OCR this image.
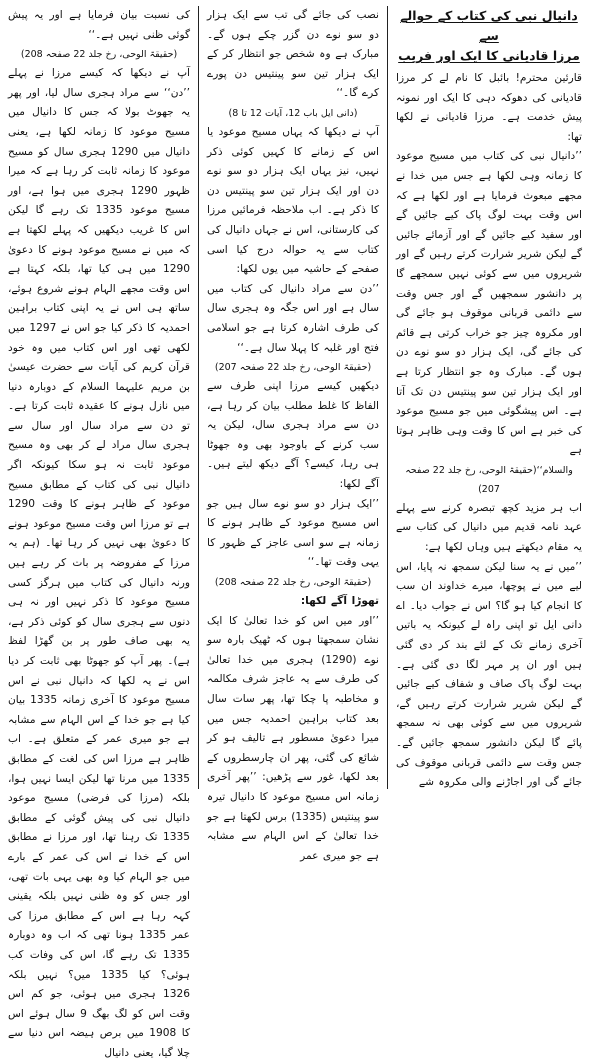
دانیال نبی کی کتاب کے حوالے سے
مرزا قادیانی کا ایک اور فریب

قارئین محترم! بائبل کا نام لے کر مرزا قادیانی کی دھوکہ دہی کا ایک اور نمونہ پیش خدمت ہے۔ مرزا قادیانی نے لکھا تھا:

’’دانیال نبی کی کتاب میں مسیح موعود کا زمانہ وہی لکھا ہے جس میں خدا نے مجھے مبعوث فرمایا ہے اور لکھا ہے کہ اس وقت بہت لوگ پاک کیے جائیں گے اور سفید کیے جائیں گے اور آزمائے جائیں گے لیکن شریر شرارت کرتے رہیں گے اور شریروں میں سے کوئی نہیں سمجھے گا پر دانشور سمجھیں گے اور جس وقت سے دائمی قربانی موقوف ہو جائے گی اور مکروہ چیز جو خراب کرتی ہے قائم کی جائے گی، ایک ہزار دو سو نوے دن ہوں گے۔ مبارک وہ جو انتظار کرتا ہے اور ایک ہزار تین سو پینتیس دن تک آتا ہے۔ اس پیشگوئی میں جو مسیح موعود کی خبر ہے اس کا وقت وہی ظاہر ہوتا ہے

والسلام‘‘(حقیقۃ الوحی، رخ جلد 22 صفحہ 207)

اب ہر مزید کچھ تبصرہ کرنے سے پہلے عہد نامہ قدیم میں دانیال کی کتاب سے یہ مقام دیکھتے ہیں وہاں لکھا ہے:

’’میں نے یہ سنا لیکن سمجھ نہ پایا، اس لیے میں نے پوچھا، میرے خداوند ان سب کا انجام کیا ہو گا؟ اس نے جواب دیا۔ اے دانی ایل تو اپنی راہ لے کیونکہ یہ باتیں آخری زمانے تک کے لئے بند کر دی گئی ہیں اور ان پر مہر لگا دی گئی ہے۔ بہت لوگ پاک صاف و شفاف کیے جائیں گے لیکن شریر شرارت کرتے رہیں گے، شریروں میں سے کوئی بھی نہ سمجھ پائے گا لیکن دانشور سمجھ جائیں گے۔ جس وقت سے دائمی قربانی موقوف کی جائے گی اور اجاڑنے والی مکروہ شے

نصب کی جائے گی تب سے ایک ہزار دو سو نوے دن گزر چکے ہوں گے۔ مبارک ہے وہ شخص جو انتظار کر کے ایک ہزار تین سو پینتیس دن پورے کرے گا۔‘‘

(دانی ایل باب 12، آیات 12 تا 8)

آپ نے دیکھا کہ یہاں مسیح موعود یا اس کے زمانے کا کہیں کوئی ذکر نہیں، نیز یہاں ایک ہزار دو سو نوے دن اور ایک ہزار تین سو پینتیس دن کا ذکر ہے۔ اب ملاحظہ فرمائیں مرزا کی کارستانی، اس نے جہاں دانیال کی کتاب سے یہ حوالہ درج کیا اسی صفحے کے حاشیہ میں یوں لکھا:

’’دن سے مراد دانیال کی کتاب میں سال ہے اور اس جگہ وہ ہجری سال کی طرف اشارہ کرتا ہے جو اسلامی فتح اور غلبہ کا پہلا سال ہے۔‘‘

(حقیقۃ الوحی، رخ جلد 22 صفحہ 207)

دیکھیں کیسے مرزا اپنی طرف سے الفاظ کا غلط مطلب بیان کر رہا ہے، دن سے مراد ہجری سال، لیکن یہ سب کرنے کے باوجود بھی وہ جھوٹا ہی رہا، کیسے؟ آگے دیکھ لیتے ہیں۔ آگے لکھا:

’’ایک ہزار دو سو نوے سال ہیں جو اس مسیح موعود کے ظاہر ہونے کا زمانہ ہے سو اسی عاجز کے ظہور کا یہی وقت تھا۔‘‘

(حقیقۃ الوحی، رخ جلد 22 صفحہ 208)

تھوڑا آگے لکھا:

’’اور میں اس کو خدا تعالیٰ کا ایک نشان سمجھتا ہوں کہ ٹھیک بارہ سو نوے (1290) ہجری میں خدا تعالیٰ کی طرف سے یہ عاجز شرف مکالمہ و مخاطبہ پا چکا تھا، پھر سات سال بعد کتاب براہین احمدیہ جس میں میرا دعویٰ مسطور ہے تالیف ہو کر شائع کی گئی، پھر ان چارسطروں کے بعد لکھا، غور سے پڑھیں: ’’پھر آخری زمانہ اس مسیح موعود کا دانیال تیرہ سو پینتیس (1335) برس لکھتا ہے جو خدا تعالیٰ کے اس الہام سے مشابہ ہے جو میری عمر

کی نسبت بیان فرمایا ہے اور یہ پیش گوئی ظنی نہیں ہے۔‘‘

(حقیقۃ الوحی، رخ جلد 22 صفحہ 208)

آپ نے دیکھا کہ کیسے مرزا نے پہلے ’’دن‘‘ سے مراد ہجری سال لیا، اور پھر یہ جھوٹ بولا کہ جس کا دانیال میں مسیح موعود کا زمانہ لکھا ہے، یعنی دانیال میں 1290 ہجری سال کو مسیح موعود کا زمانہ ثابت کر رہا ہے کہ میرا ظہور 1290 ہجری میں ہوا ہے، اور مسیح موعود 1335 تک رہے گا لیکن اس کا غریب دیکھیں کہ پہلے لکھتا ہے کہ میں نے مسیح موعود ہونے کا دعویٰ 1290 میں ہی کیا تھا، بلکہ کہتا ہے اس وقت مجھے الہام ہونے شروع ہوئے، ساتھ ہی اس نے یہ اپنی کتاب براہین احمدیہ کا ذکر کیا جو اس نے 1297 میں لکھی تھی اور اس کتاب میں وہ خود قرآن کریم کی آیات سے حضرت عیسیٰ بن مریم علیہما السلام کے دوبارہ دنیا میں نازل ہونے کا عقیدہ ثابت کرتا ہے۔ تو دن سے مراد سال اور سال سے ہجری سال مراد لے کر بھی وہ مسیح موعود ثابت نہ ہو سکا کیونکہ اگر دانیال نبی کی کتاب کے مطابق مسیح موعود کے ظاہر ہونے کا وقت 1290 ہے تو مرزا اس وقت مسیح موعود ہونے کا دعویٰ بھی نہیں کر رہا تھا۔ (ہم یہ مرزا کے مفروضہ پر بات کر رہے ہیں ورنہ دانیال کی کتاب میں ہرگز کسی مسیح موعود کا ذکر نہیں اور نہ ہی دنوں سے ہجری سال کو کوئی ذکر ہے، یہ بھی صاف طور پر بن گھڑا لفظ ہے)۔ پھر آپ کو جھوٹا بھی ثابت کر دیا اس نے یہ لکھا کہ دانیال نبی نے اس مسیح موعود کا آخری زمانہ 1335 بیان کیا ہے جو خدا کے اس الہام سے مشابہ ہے جو میری عمر کے متعلق ہے۔ اب ظاہر ہے مرزا اس کی لغت کے مطابق 1335 میں مرنا تھا لیکن ایسا نہیں ہوا، بلکہ (مرزا کی فرضی) مسیح موعود دانیال نبی کی پیش گوئی کے مطابق 1335 تک رہنا تھا، اور مرزا نے مطابق اس کے خدا نے اس کی عمر کے بارے میں جو الہام کیا وہ بھی یہی بات تھی، اور جس کو وہ ظنی نہیں بلکہ یقینی کہہ رہا ہے اس کے مطابق مرزا کی عمر 1335 ہونا تھی کہ اب وہ دوبارہ 1335 تک رہے گا، اس کی وفات کب ہوئی؟ کیا 1335 میں؟ نہیں بلکہ 1326 ہجری میں ہوئی، جو کم اس وقت اس کو لگ بھگ 9 سال ہوئے اس کا 1908 میں برص ہیضہ اس دنیا سے چلا گیا، یعنی دانیال
